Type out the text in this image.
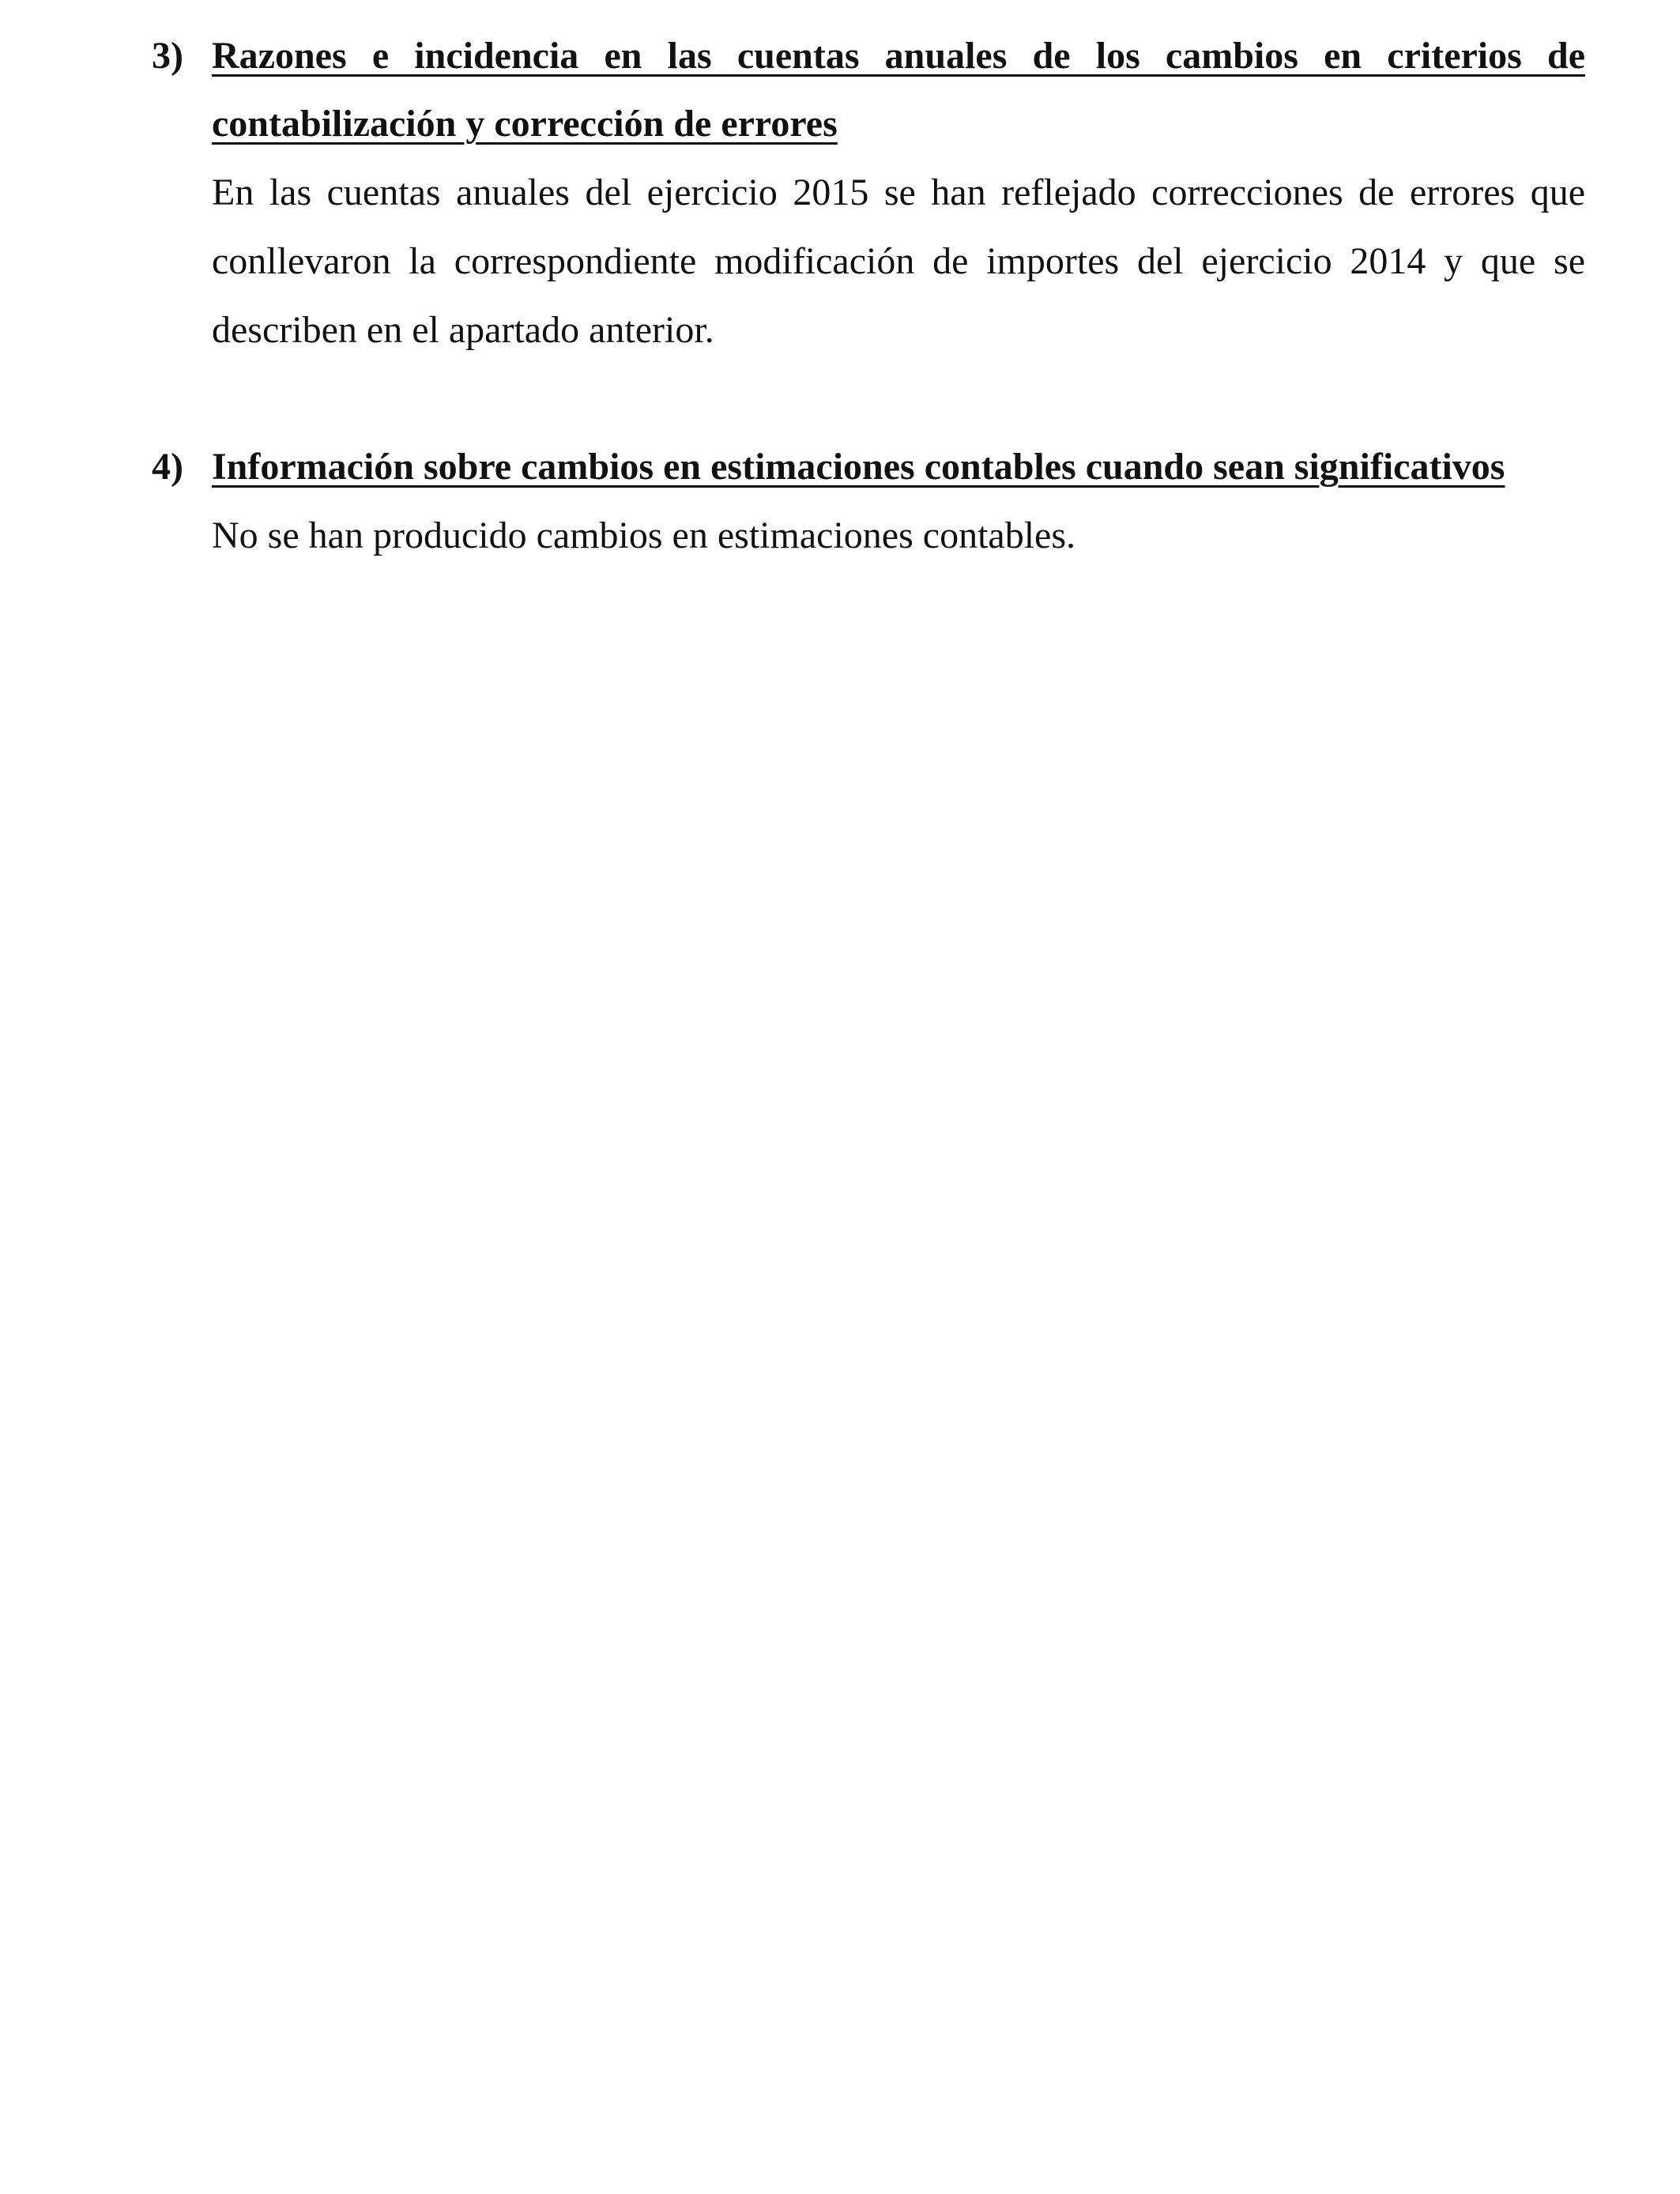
3) Razones e incidencia en las cuentas anuales de los cambios en criterios de contabilización y corrección de errores
En las cuentas anuales del ejercicio 2015 se han reflejado correcciones de errores que conllevaron la correspondiente modificación de importes del ejercicio 2014 y que se describen en el apartado anterior.
4) Información sobre cambios en estimaciones contables cuando sean significativos
No se han producido cambios en estimaciones contables.
